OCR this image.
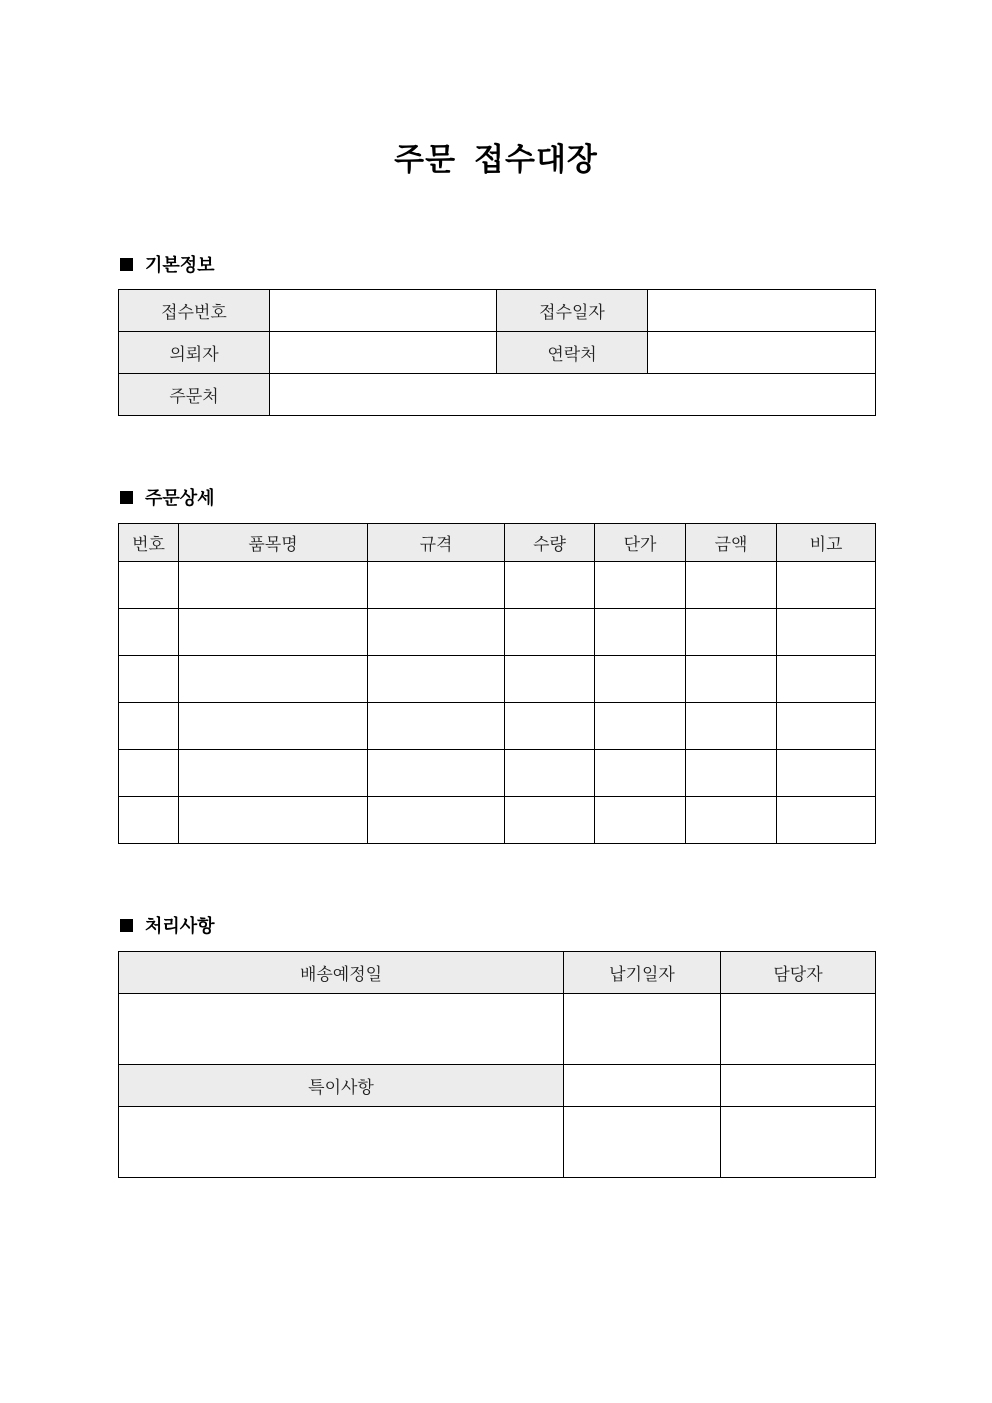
주문 접수대장
기본정보
접수번호		접수일자	
의뢰자		연락처	
주문처			
주문상세
번호	품목명	규격	수량	단가	금액	비고

처리사항
배송예정일	납기일자	담당자

특이사항		
